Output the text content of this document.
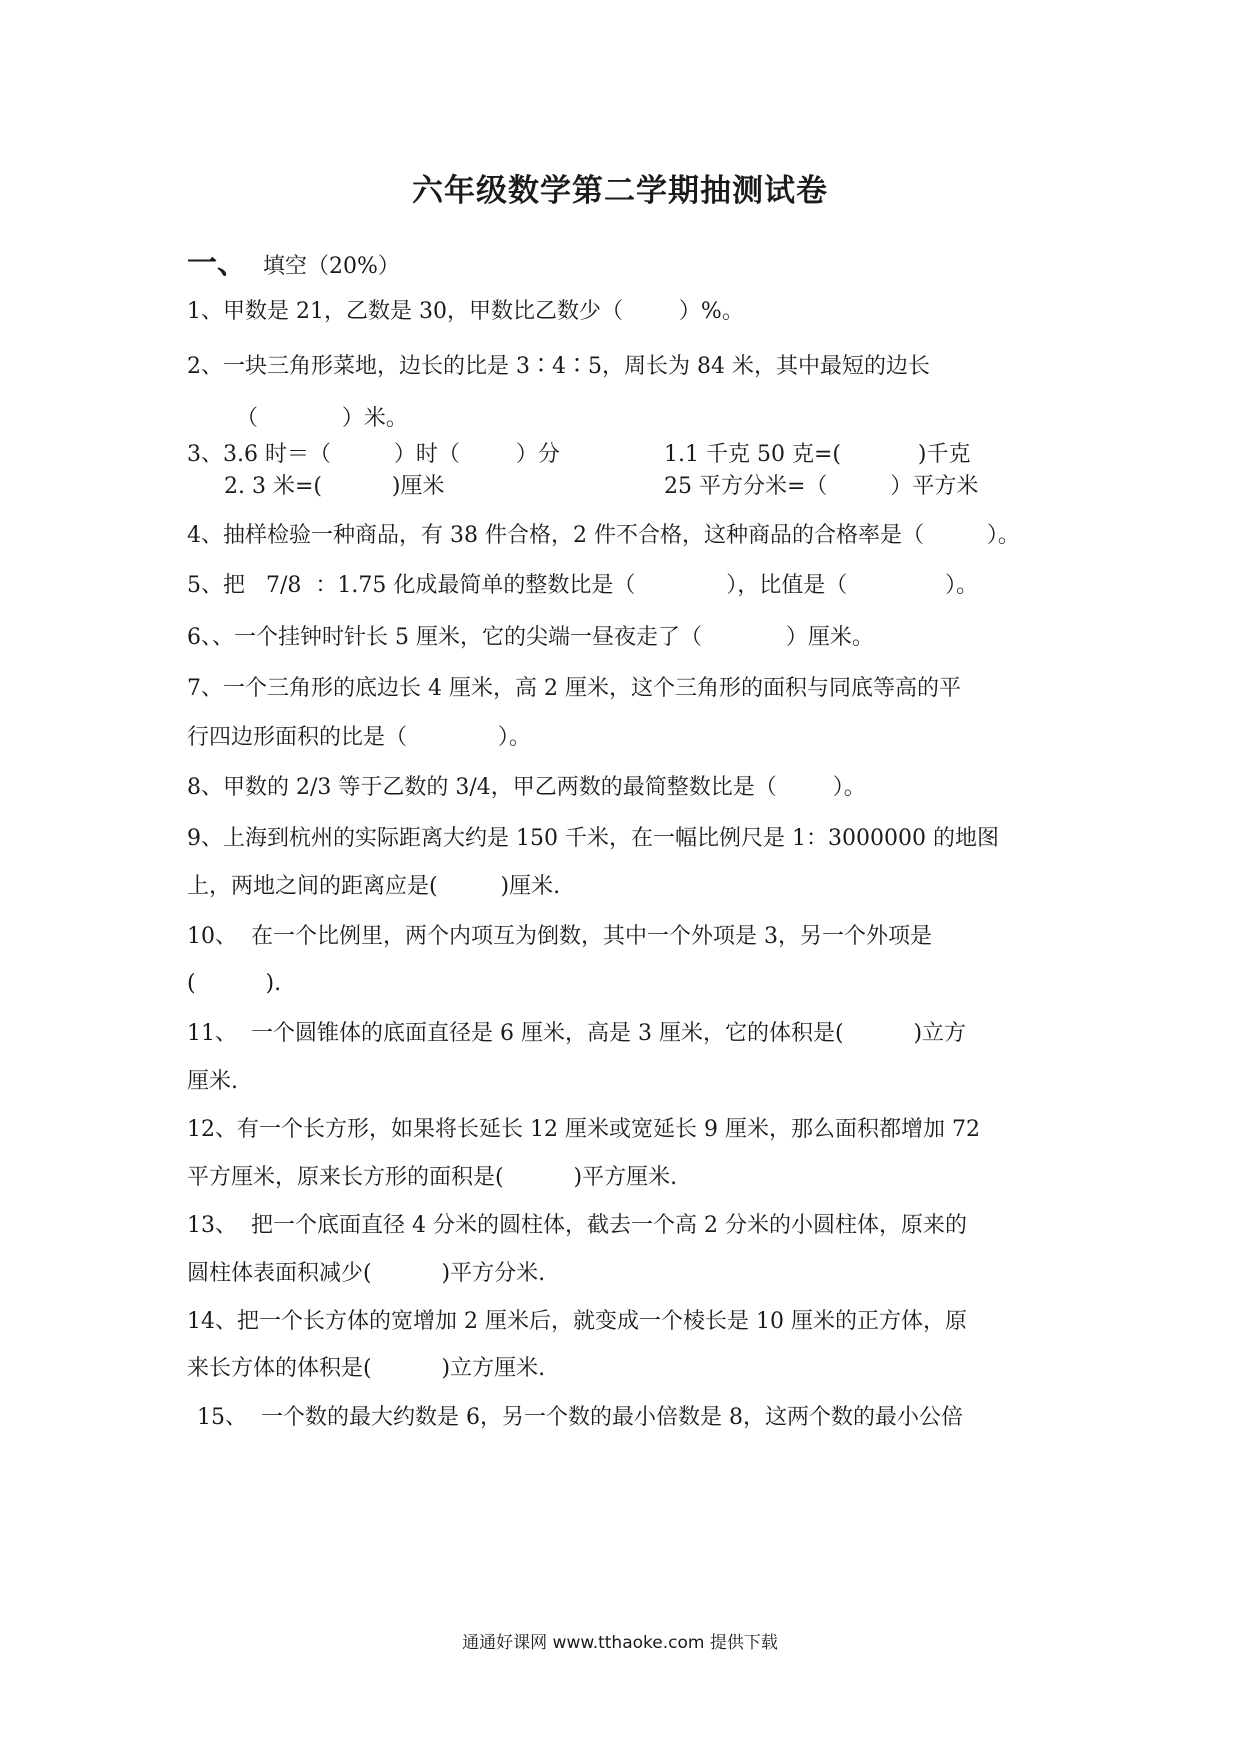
六年级数学第二学期抽测试卷
一、 填空（20%）
1、甲数是 21，乙数是 30，甲数比乙数少（        ）%。
2、一块三角形菜地，边长的比是 3∶4∶5，周长为 84 米，其中最短的边长
（            ）米。
3、3.6 时＝（         ）时（        ）分	1.1 千克 50 克=(           )千克
2. 3 米=(          )厘米	25 平方分米=（         ）平方米
4、抽样检验一种商品，有 38 件合格，2 件不合格，这种商品的合格率是（         ）。
5、把   7/8  ：1.75 化成最简单的整数比是（             ），比值是（              ）。
6、、一个挂钟时针长 5 厘米，它的尖端一昼夜走了（            ）厘米。
7、一个三角形的底边长 4 厘米，高 2 厘米，这个三角形的面积与同底等高的平
行四边形面积的比是（             ）。
8、甲数的 2/3 等于乙数的 3/4，甲乙两数的最简整数比是（        ）。
9、上海到杭州的实际距离大约是 150 千米，在一幅比例尺是 1：3000000 的地图
上，两地之间的距离应是(         )厘米.
10、  在一个比例里，两个内项互为倒数，其中一个外项是 3，另一个外项是
(          ).
11、  一个圆锥体的底面直径是 6 厘米，高是 3 厘米，它的体积是(          )立方
厘米.
12、有一个长方形，如果将长延长 12 厘米或宽延长 9 厘米，那么面积都增加 72
平方厘米，原来长方形的面积是(          )平方厘米.
13、  把一个底面直径 4 分米的圆柱体，截去一个高 2 分米的小圆柱体，原来的
圆柱体表面积减少(          )平方分米.
14、把一个长方体的宽增加 2 厘米后，就变成一个棱长是 10 厘米的正方体，原
来长方体的体积是(          )立方厘米.
15、  一个数的最大约数是 6，另一个数的最小倍数是 8，这两个数的最小公倍
通通好课网 www.tthaoke.com 提供下载
